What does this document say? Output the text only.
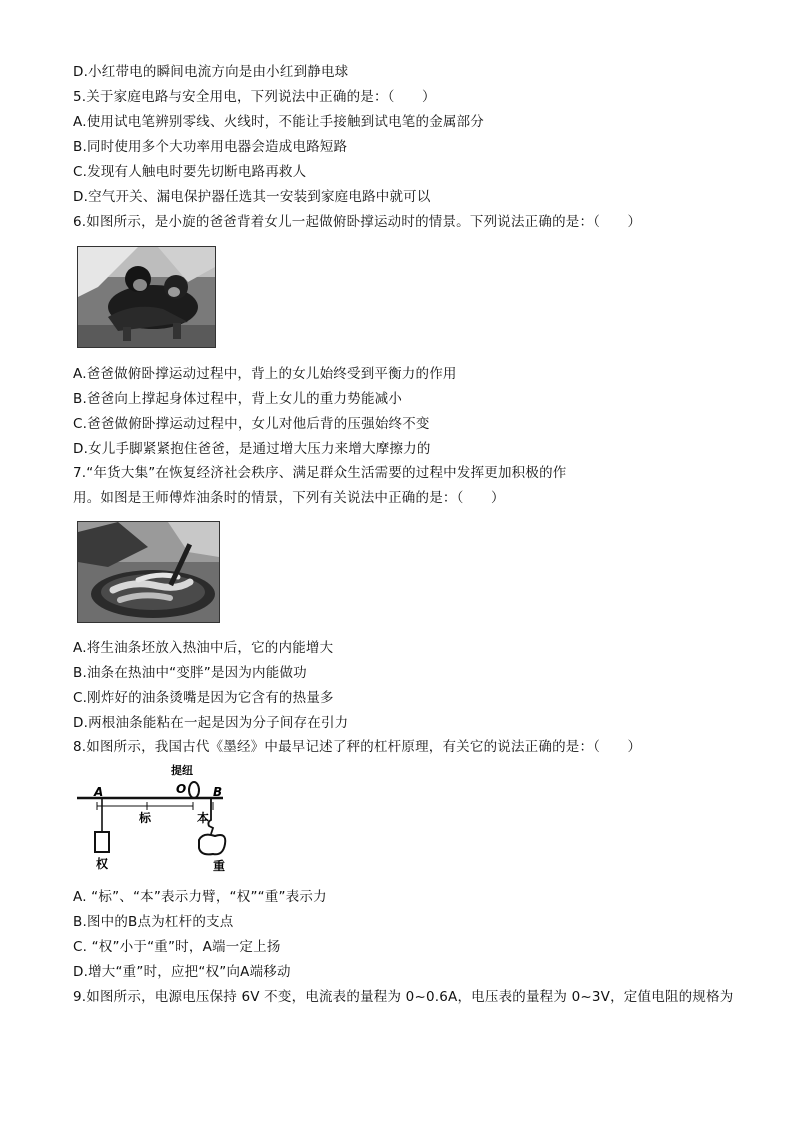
D.小红带电的瞬间电流方向是由小红到静电球
5.关于家庭电路与安全用电，下列说法中正确的是：（　　）
A.使用试电笔辨别零线、火线时，不能让手接触到试电笔的金属部分
B.同时使用多个大功率用电器会造成电路短路
C.发现有人触电时要先切断电路再救人
D.空气开关、漏电保护器任选其一安装到家庭电路中就可以
6.如图所示，是小旋的爸爸背着女儿一起做俯卧撑运动时的情景。下列说法正确的是：（　　）
A.爸爸做俯卧撑运动过程中，背上的女儿始终受到平衡力的作用
B.爸爸向上撑起身体过程中，背上女儿的重力势能减小
C.爸爸做俯卧撑运动过程中，女儿对他后背的压强始终不变
D.女儿手脚紧紧抱住爸爸，是通过增大压力来增大摩擦力的
7.“年货大集”在恢复经济社会秩序、满足群众生活需要的过程中发挥更加积极的作
用。如图是王师傅炸油条时的情景，下列有关说法中正确的是：（　　）
A.将生油条坯放入热油中后，它的内能增大
B.油条在热油中“变胖”是因为内能做功
C.刚炸好的油条烫嘴是因为它含有的热量多
D.两根油条能粘在一起是因为分子间存在引力
8.如图所示，我国古代《墨经》中最早记述了秤的杠杆原理，有关它的说法正确的是：（　　）
提纽
O
A	B
标	本
权	重
A. “标”、“本”表示力臂，“权”“重”表示力
B.图中的B点为杠杆的支点
C. “权”小于“重”时，A端一定上扬
D.增大“重”时，应把“权”向A端移动
9.如图所示，电源电压保持 6V 不变，电流表的量程为 0~0.6A，电压表的量程为 0~3V，定值电阻的规格为
